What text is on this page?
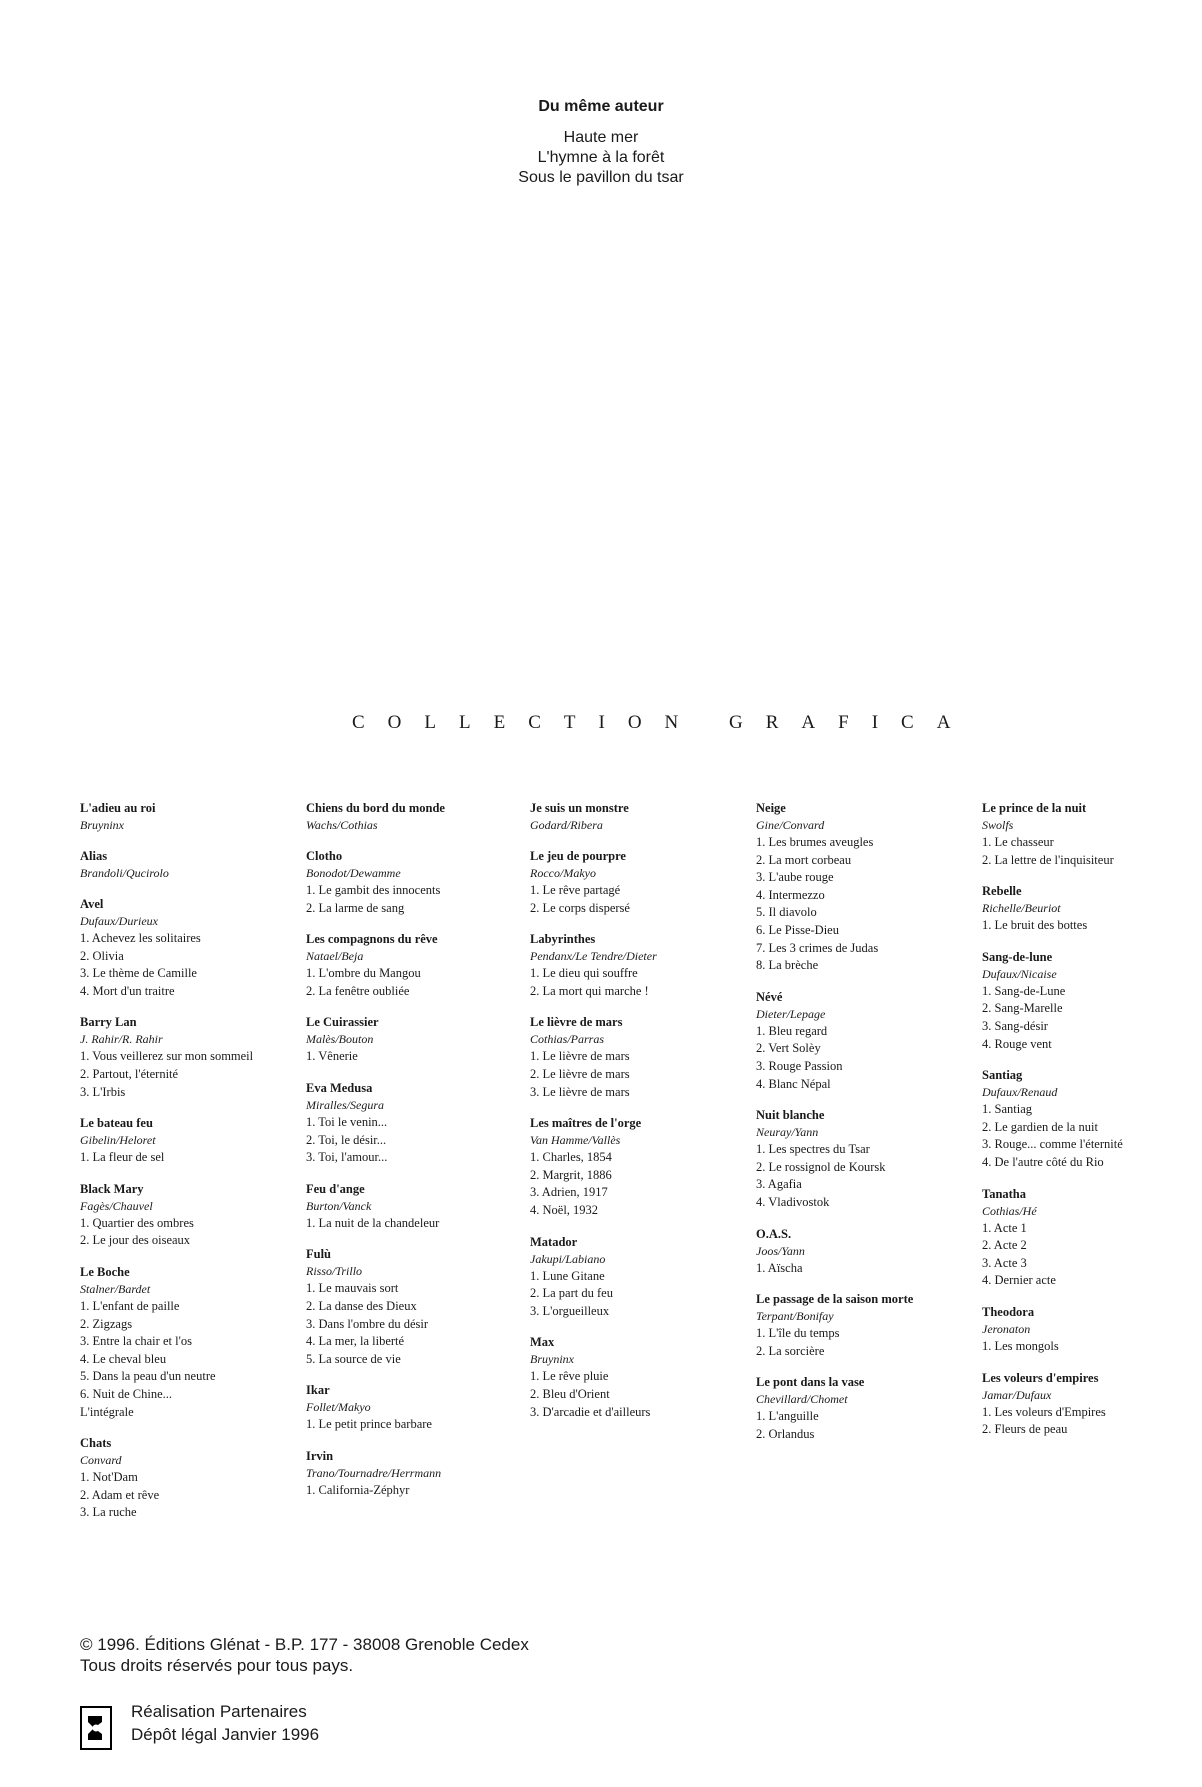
Du même auteur
Haute mer
L'hymne à la forêt
Sous le pavillon du tsar
COLLECTION GRAFICA
L'adieu au roi
Bruyninx
Alias
Brandoli/Qucirolo
Avel
Dufaux/Durieux
1. Achevez les solitaires
2. Olivia
3. Le thème de Camille
4. Mort d'un traitre
Barry Lan
J. Rahir/R. Rahir
1. Vous veillerez sur mon sommeil
2. Partout, l'éternité
3. L'Irbis
Le bateau feu
Gibelin/Heloret
1. La fleur de sel
Black Mary
Fagès/Chauvel
1. Quartier des ombres
2. Le jour des oiseaux
Le Boche
Stalner/Bardet
1. L'enfant de paille
2. Zigzags
3. Entre la chair et l'os
4. Le cheval bleu
5. Dans la peau d'un neutre
6. Nuit de Chine...
L'intégrale
Chats
Convard
1. Not'Dam
2. Adam et rêve
3. La ruche
Chiens du bord du monde
Wachs/Cothias
Clotho
Bonodot/Dewamme
1. Le gambit des innocents
2. La larme de sang
Les compagnons du rêve
Natael/Beja
1. L'ombre du Mangou
2. La fenêtre oubliée
Le Cuirassier
Malès/Bouton
1. Vênerie
Eva Medusa
Miralles/Segura
1. Toi le venin...
2. Toi, le désir...
3. Toi, l'amour...
Feu d'ange
Burton/Vanck
1. La nuit de la chandeleur
Fulù
Risso/Trillo
1. Le mauvais sort
2. La danse des Dieux
3. Dans l'ombre du désir
4. La mer, la liberté
5. La source de vie
Ikar
Follet/Makyo
1. Le petit prince barbare
Irvin
Trano/Tournadre/Herrmann
1. California-Zéphyr
Je suis un monstre
Godard/Ribera
Le jeu de pourpre
Rocco/Makyo
1. Le rêve partagé
2. Le corps dispersé
Labyrinthes
Pendanx/Le Tendre/Dieter
1. Le dieu qui souffre
2. La mort qui marche !
Le lièvre de mars
Cothias/Parras
1. Le lièvre de mars
2. Le lièvre de mars
3. Le lièvre de mars
Les maîtres de l'orge
Van Hamme/Vallès
1. Charles, 1854
2. Margrit, 1886
3. Adrien, 1917
4. Noël, 1932
Matador
Jakupi/Labiano
1. Lune Gitane
2. La part du feu
3. L'orgueilleux
Max
Bruyninx
1. Le rêve pluie
2. Bleu d'Orient
3. D'arcadie et d'ailleurs
Neige
Gine/Convard
1. Les brumes aveugles
2. La mort corbeau
3. L'aube rouge
4. Intermezzo
5. Il diavolo
6. Le Pisse-Dieu
7. Les 3 crimes de Judas
8. La brèche
Névé
Dieter/Lepage
1. Bleu regard
2. Vert Solèy
3. Rouge Passion
4. Blanc Népal
Nuit blanche
Neuray/Yann
1. Les spectres du Tsar
2. Le rossignol de Koursk
3. Agafia
4. Vladivostok
O.A.S.
Joos/Yann
1. Aïscha
Le passage de la saison morte
Terpant/Bonifay
1. L'île du temps
2. La sorcière
Le pont dans la vase
Chevillard/Chomet
1. L'anguille
2. Orlandus
Le prince de la nuit
Swolfs
1. Le chasseur
2. La lettre de l'inquisiteur
Rebelle
Richelle/Beuriot
1. Le bruit des bottes
Sang-de-lune
Dufaux/Nicaise
1. Sang-de-Lune
2. Sang-Marelle
3. Sang-désir
4. Rouge vent
Santiag
Dufaux/Renaud
1. Santiag
2. Le gardien de la nuit
3. Rouge... comme l'éternité
4. De l'autre côté du Rio
Tanatha
Cothias/Hé
1. Acte 1
2. Acte 2
3. Acte 3
4. Dernier acte
Theodora
Jeronaton
1. Les mongols
Les voleurs d'empires
Jamar/Dufaux
1. Les voleurs d'Empires
2. Fleurs de peau
© 1996. Éditions Glénat - B.P. 177 - 38008 Grenoble Cedex
Tous droits réservés pour tous pays.
Réalisation Partenaires
Dépôt légal Janvier 1996
